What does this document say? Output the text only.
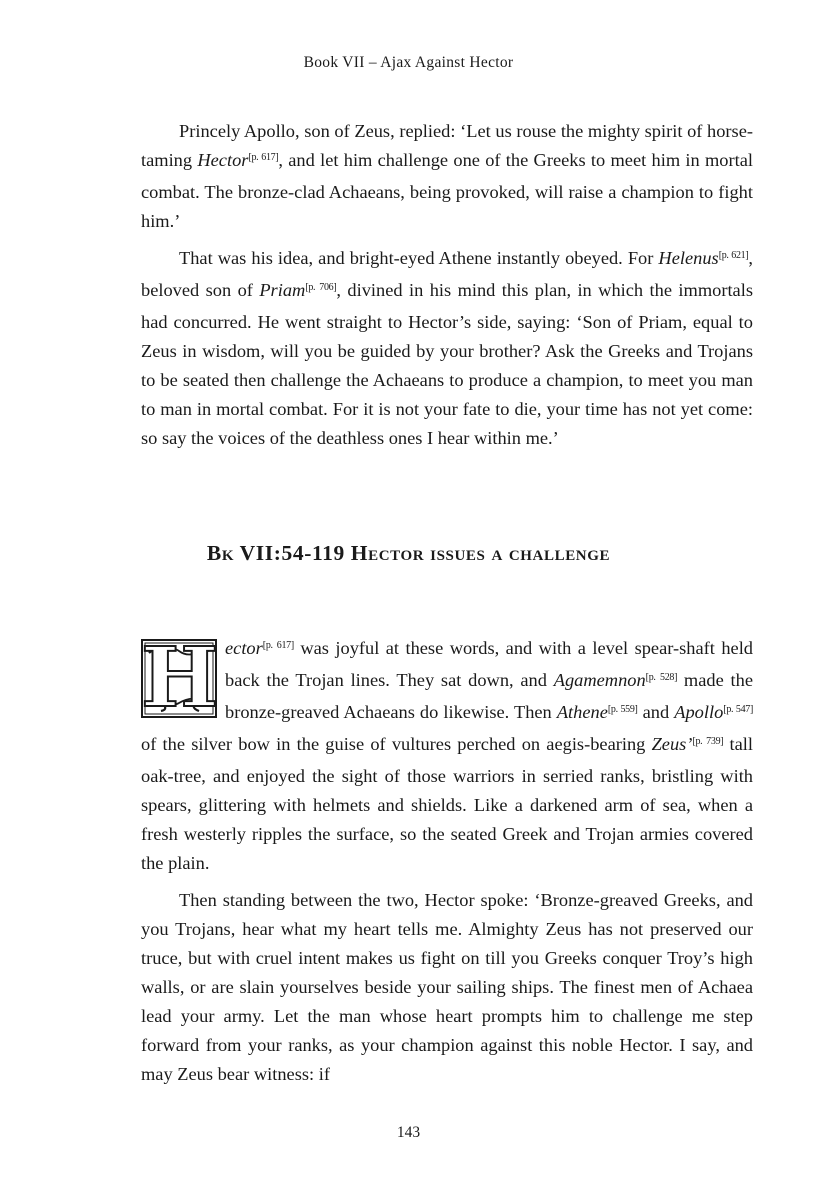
Book VII – Ajax Against Hector

Princely Apollo, son of Zeus, replied: ‘Let us rouse the mighty spirit of horse-taming Hector[p. 617], and let him challenge one of the Greeks to meet him in mortal combat. The bronze-clad Achaeans, being provoked, will raise a champion to fight him.’

That was his idea, and bright-eyed Athene instantly obeyed. For Helenus[p. 621], beloved son of Priam[p. 706], divined in his mind this plan, in which the immortals had concurred. He went straight to Hector’s side, saying: ‘Son of Priam, equal to Zeus in wisdom, will you be guided by your brother? Ask the Greeks and Trojans to be seated then challenge the Achaeans to produce a champion, to meet you man to man in mortal combat. For it is not your fate to die, your time has not yet come: so say the voices of the deathless ones I hear within me.’

Bk VII:54-119 Hector issues a challenge

H ector[p. 617] was joyful at these words, and with a level spear-shaft held back the Trojan lines. They sat down, and Agamemnon[p. 528] made the bronze-greaved Achaeans do likewise. Then Athene[p. 559] and Apollo[p. 547] of the silver bow in the guise of vultures perched on aegis-bearing Zeus’[p. 739] tall oak-tree, and enjoyed the sight of those warriors in serried ranks, bristling with spears, glittering with helmets and shields. Like a darkened arm of sea, when a fresh westerly ripples the surface, so the seated Greek and Trojan armies covered the plain.

Then standing between the two, Hector spoke: ‘Bronze-greaved Greeks, and you Trojans, hear what my heart tells me. Almighty Zeus has not preserved our truce, but with cruel intent makes us fight on till you Greeks conquer Troy’s high walls, or are slain yourselves beside your sailing ships. The finest men of Achaea lead your army. Let the man whose heart prompts him to challenge me step forward from your ranks, as your champion against this noble Hector. I say, and may Zeus bear witness: if

143
